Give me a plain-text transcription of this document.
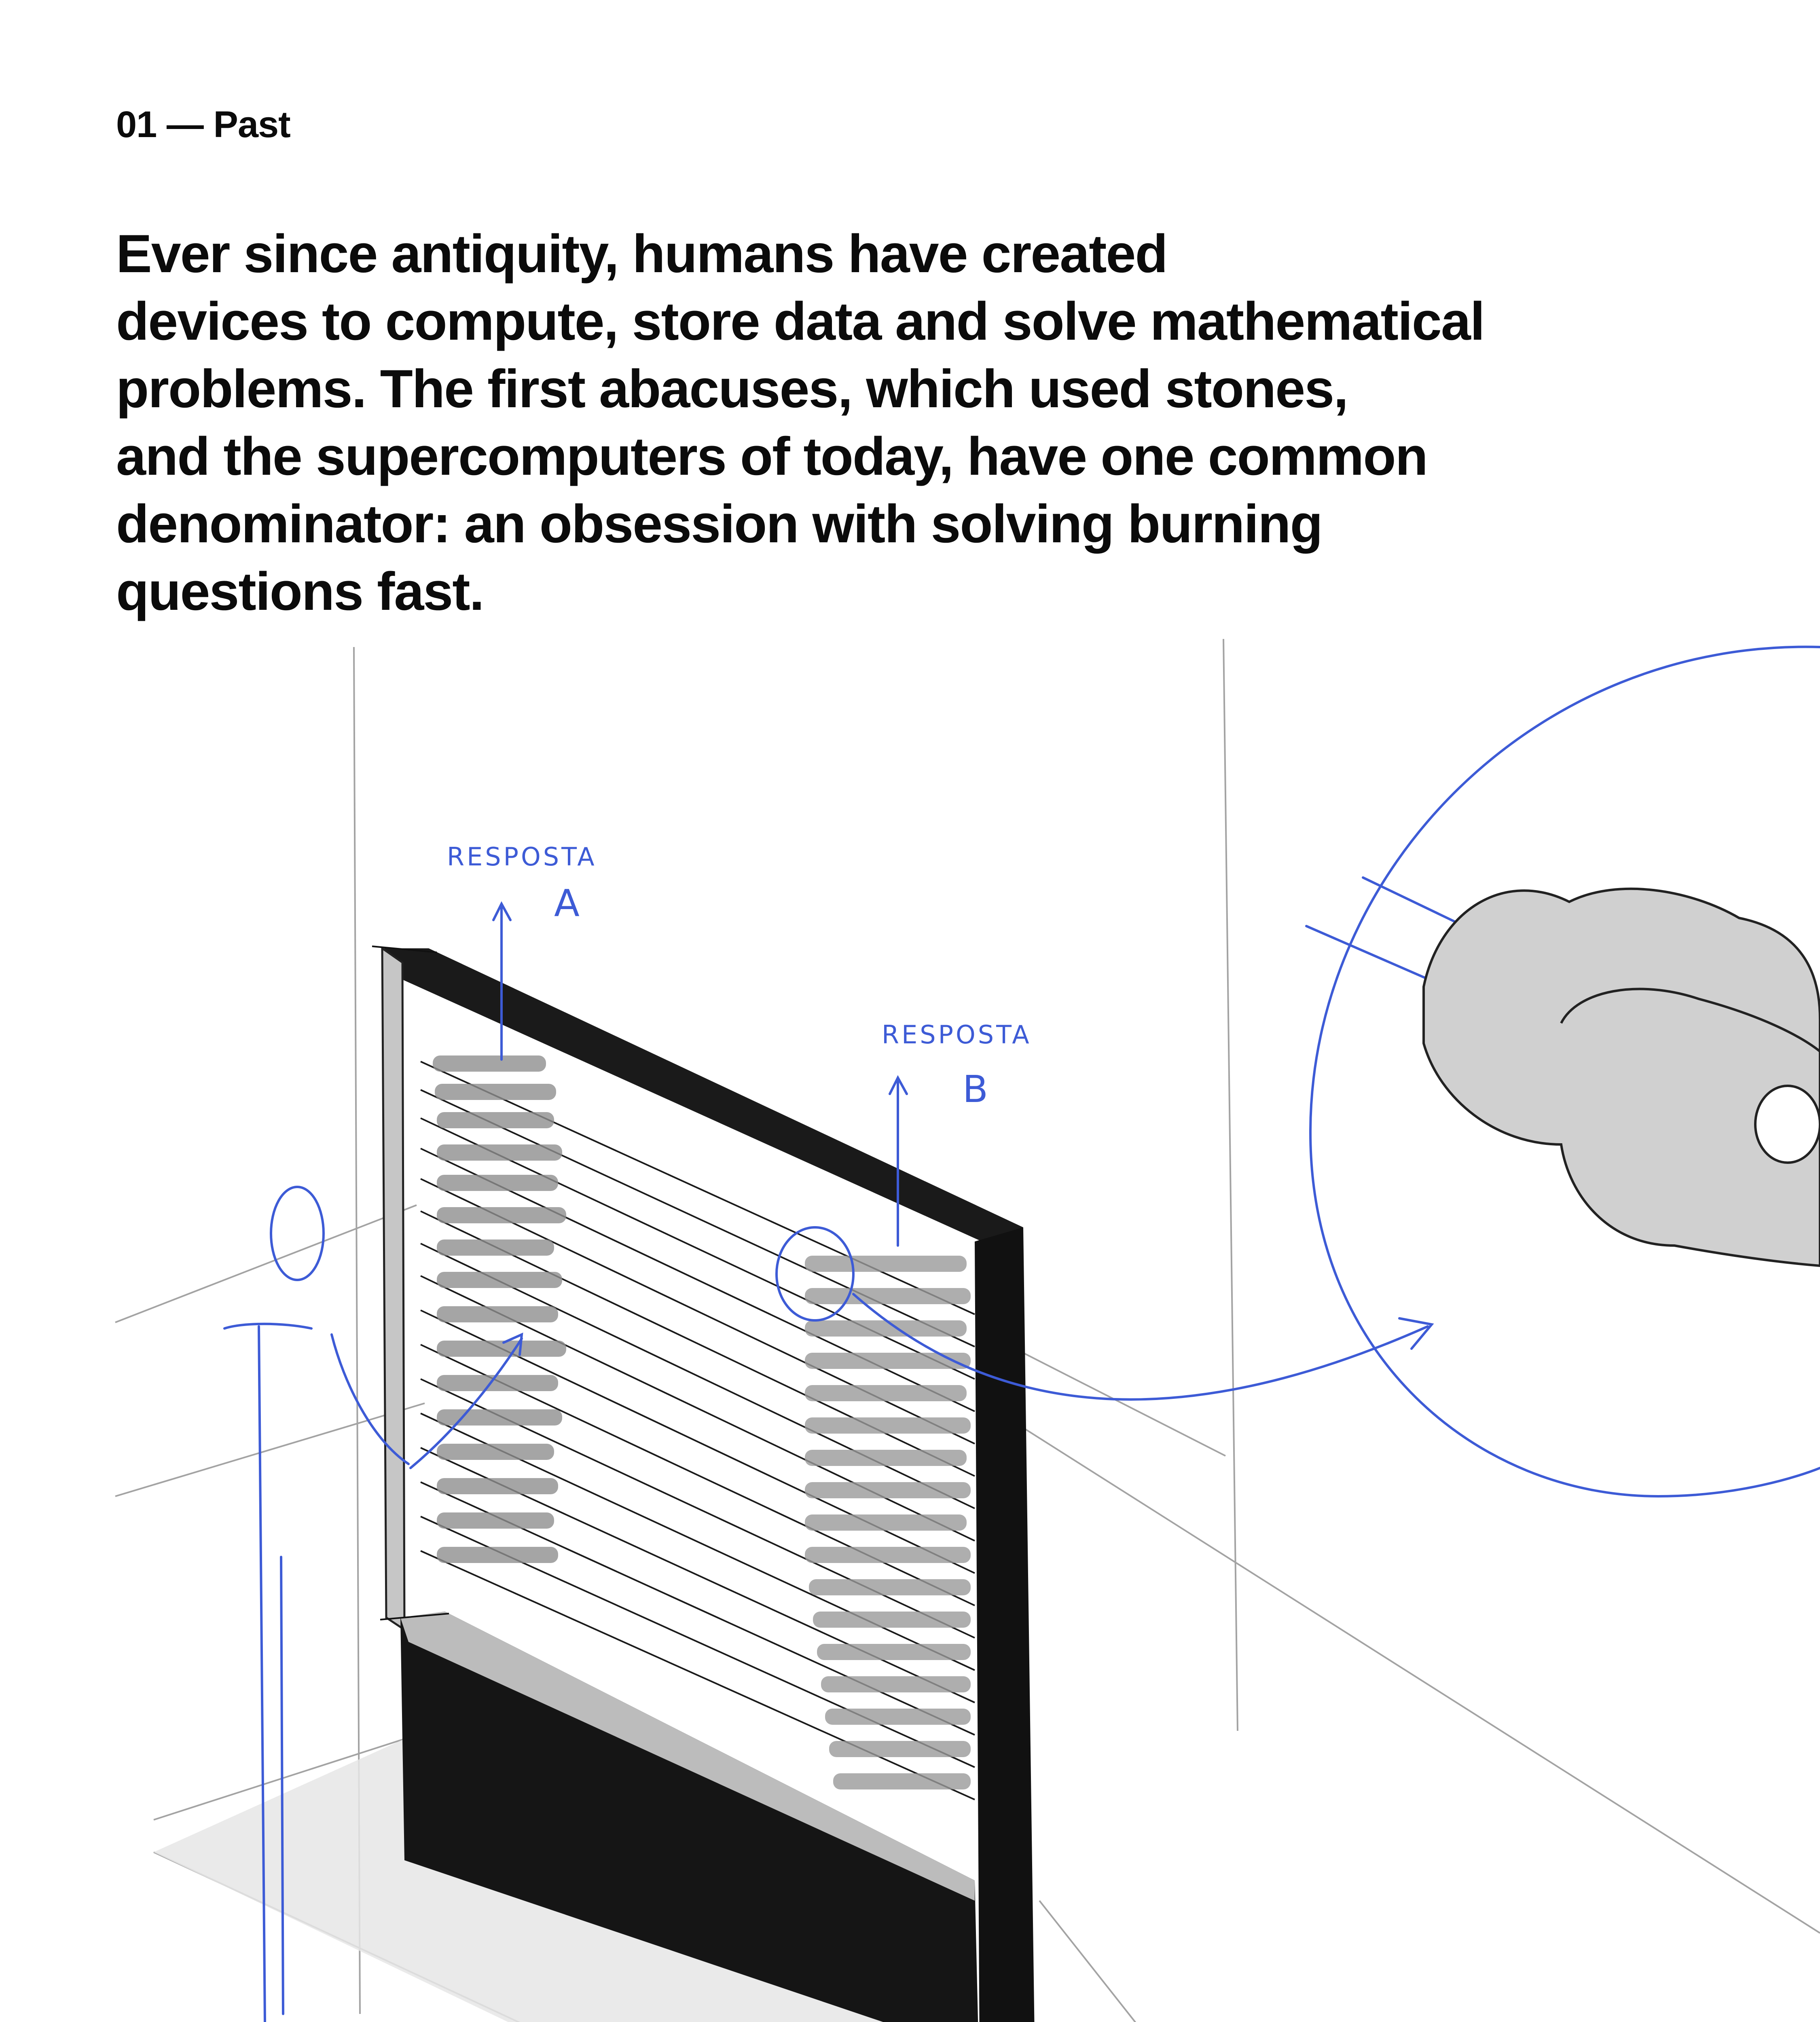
01 — Past
Ever since antiquity, humans have created
devices to compute, store data and solve mathematical
problems. The first abacuses, which used stones,
and the supercomputers of today, have one common
denominator: an obsession with solving burning
questions fast.
RESPOSTA
A
RESPOSTA
B
